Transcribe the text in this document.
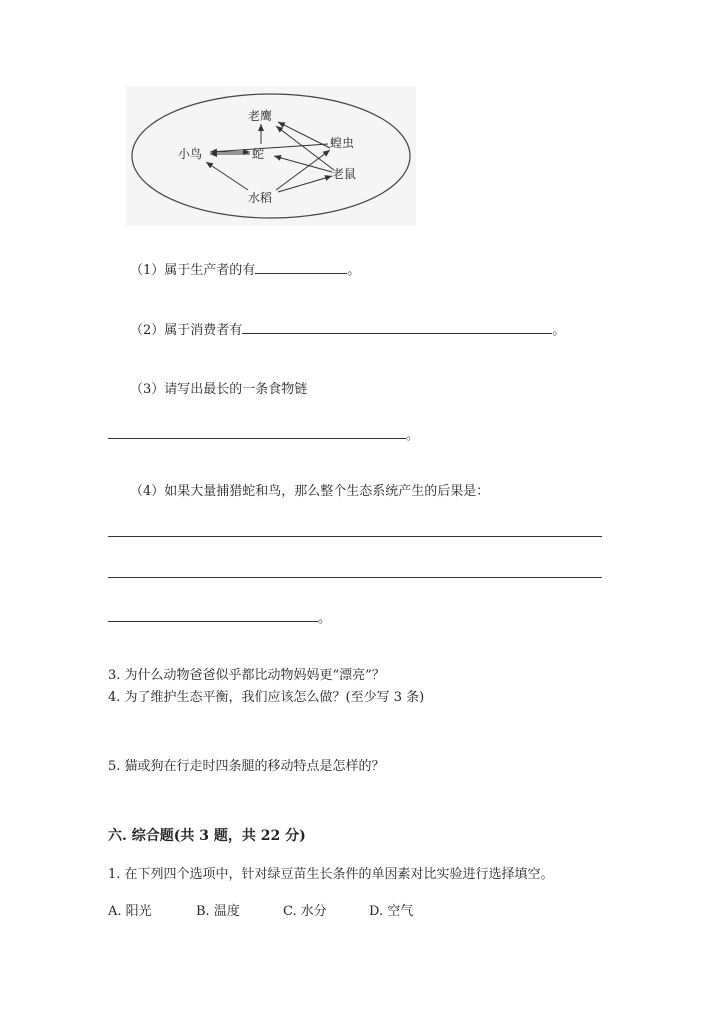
老鹰
蝗虫
小鸟	蛇
老鼠
水稻
（1）属于生产者的有	。
（2）属于消费者有	。
（3）请写出最长的一条食物链
。
（4）如果大量捕猎蛇和鸟，那么整个生态系统产生的后果是：
。
3. 为什么动物爸爸似乎都比动物妈妈更“漂亮”？
4. 为了维护生态平衡，我们应该怎么做？(至少写 3 条)
5. 猫或狗在行走时四条腿的移动特点是怎样的？
六. 综合题(共 3 题，共 22 分)
1. 在下列四个选项中，针对绿豆苗生长条件的单因素对比实验进行选择填空。
A. 阳光	B. 温度	C. 水分	D. 空气
